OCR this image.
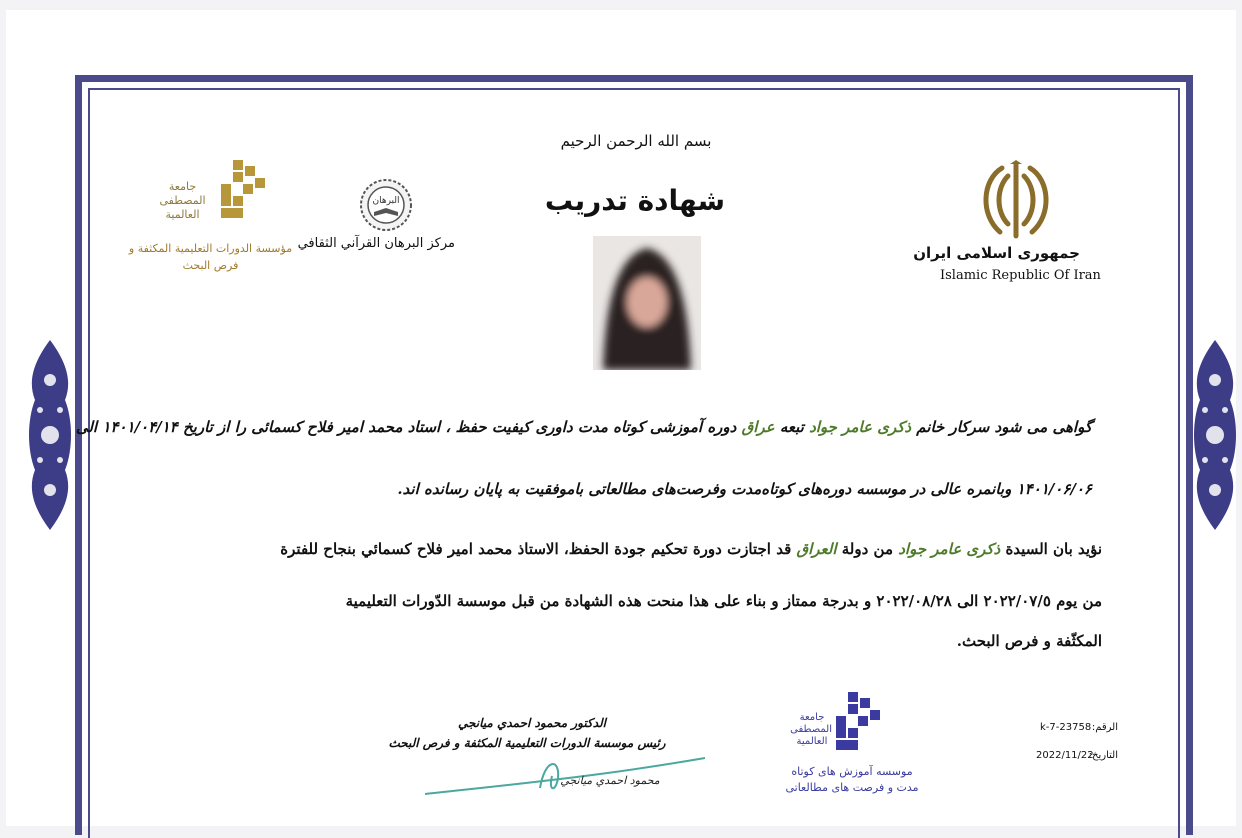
بسم الله الرحمن الرحيم
شهادة تدريب
جمهوری اسلامی ایران
Islamic Republic Of Iran
البرهان
مركز البرهان القرآني الثقافي
جامعة المصطفى العالمية
مؤسسة الدورات التعليمية المكثفة و فرص البحث
گواهی می شود سرکار خانم ذکری عامر جواد تبعه عراق دوره آموزشی کوتاه مدت داوری کیفیت حفظ ، استاد محمد امیر فلاح کسمائی را از تاریخ ۱۴۰۱/۰۴/۱۴ الی
۱۴۰۱/۰۶/۰۶ وبانمره عالی در موسسه دوره‌های کوتاه‌مدت وفرصت‌های مطالعاتی باموفقیت به پایان رسانده اند.
نؤيد بان السيدة ذکری عامر جواد من دولة العراق قد اجتازت دورة تحكيم جودة الحفظ، الاستاذ محمد امير فلاح كسمائي بنجاح للفترة
من يوم ٢٠٢٢/٠٧/٥ الى ٢٠٢٢/٠٨/٢٨ و بدرجة ممتاز و بناء على هذا منحت هذه الشهادة من قبل موسسة الدّورات التعليمية
المكثّفة و فرص البحث.
الدكتور محمود احمدي ميانجي
رئيس موسسة الدورات التعليمية المكثفة و فرص البحث
محمود احمدي میانجي
جامعة المصطفى العالمية
موسسه آموزش های کوتاه مدت و فرصت های مطالعاتی
الرقم:
k-7-23758
التاريخ:
2022/11/22
